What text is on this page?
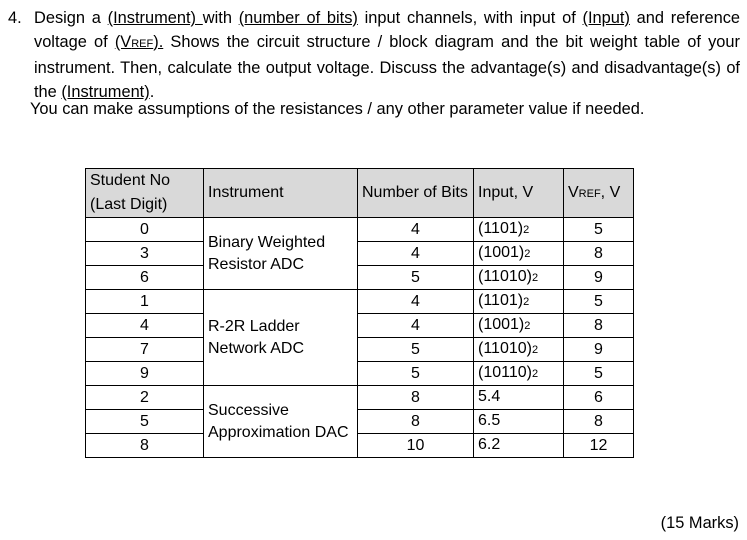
4. Design a (Instrument) with (number of bits) input channels, with input of (Input) and reference voltage of (VREF). Shows the circuit structure / block diagram and the bit weight table of your instrument. Then, calculate the output voltage. Discuss the advantage(s) and disadvantage(s) of the (Instrument).
You can make assumptions of the resistances / any other parameter value if needed.
Student No (Last Digit)	Instrument	Number of Bits	Input, V	VREF, V
0	Binary Weighted Resistor ADC	4	(1101)2	5
3		4	(1001)2	8
6		5	(11010)2	9
1	R-2R Ladder Network ADC	4	(1101)2	5
4		4	(1001)2	8
7		5	(11010)2	9
9		5	(10110)2	5
2	Successive Approximation DAC	8	5.4	6
5		8	6.5	8
8		10	6.2	12
(15 Marks)
